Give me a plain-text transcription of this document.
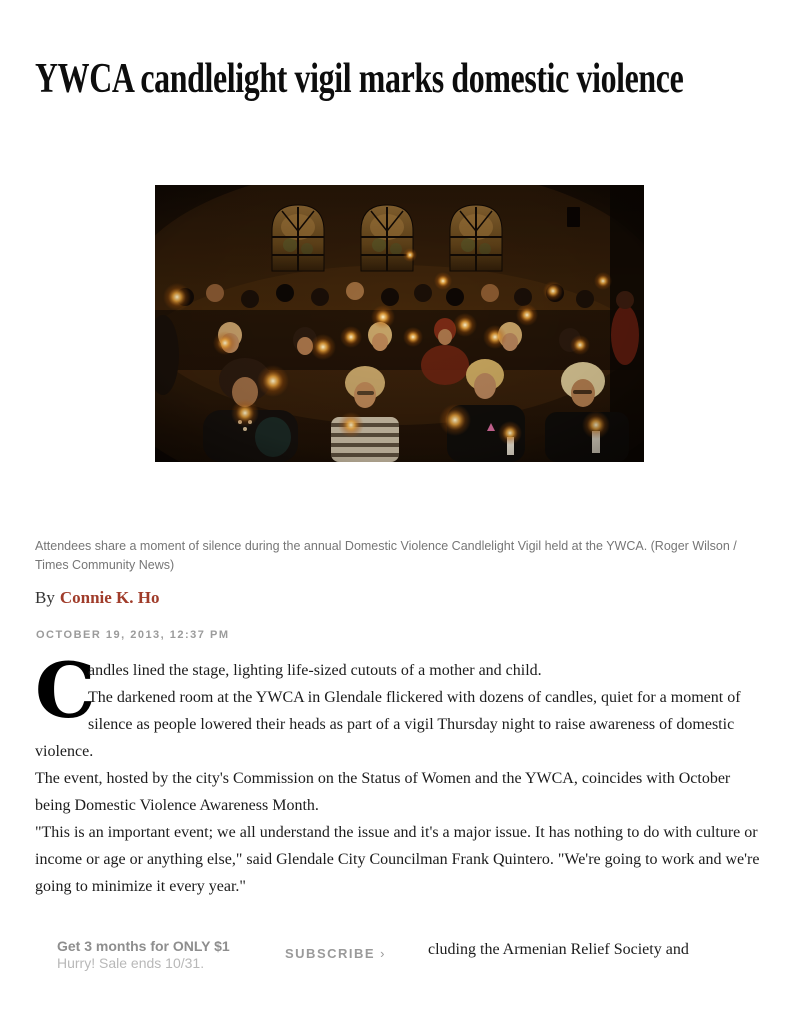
YWCA candlelight vigil marks domestic violence

Attendees share a moment of silence during the annual Domestic Violence Candlelight Vigil held at the YWCA. (Roger Wilson / Times Community News)

By Connie K. Ho
OCTOBER 19, 2013, 12:37 PM

C
andles lined the stage, lighting life-sized cutouts of a mother and child.

The darkened room at the YWCA in Glendale flickered with dozens of candles, quiet for a moment of silence as people lowered their heads as part of a vigil Thursday night to raise awareness of domestic violence.

The event, hosted by the city's Commission on the Status of Women and the YWCA, coincides with October being Domestic Violence Awareness Month.

"This is an important event; we all understand the issue and it's a major issue. It has nothing to do with culture or income or age or anything else," said Glendale City Councilman Frank Quintero. "We're going to work and we're going to minimize it every year."

cluding the Armenian Relief Society and
Get 3 months for ONLY $1
Hurry! Sale ends 10/31.
SUBSCRIBE ›
